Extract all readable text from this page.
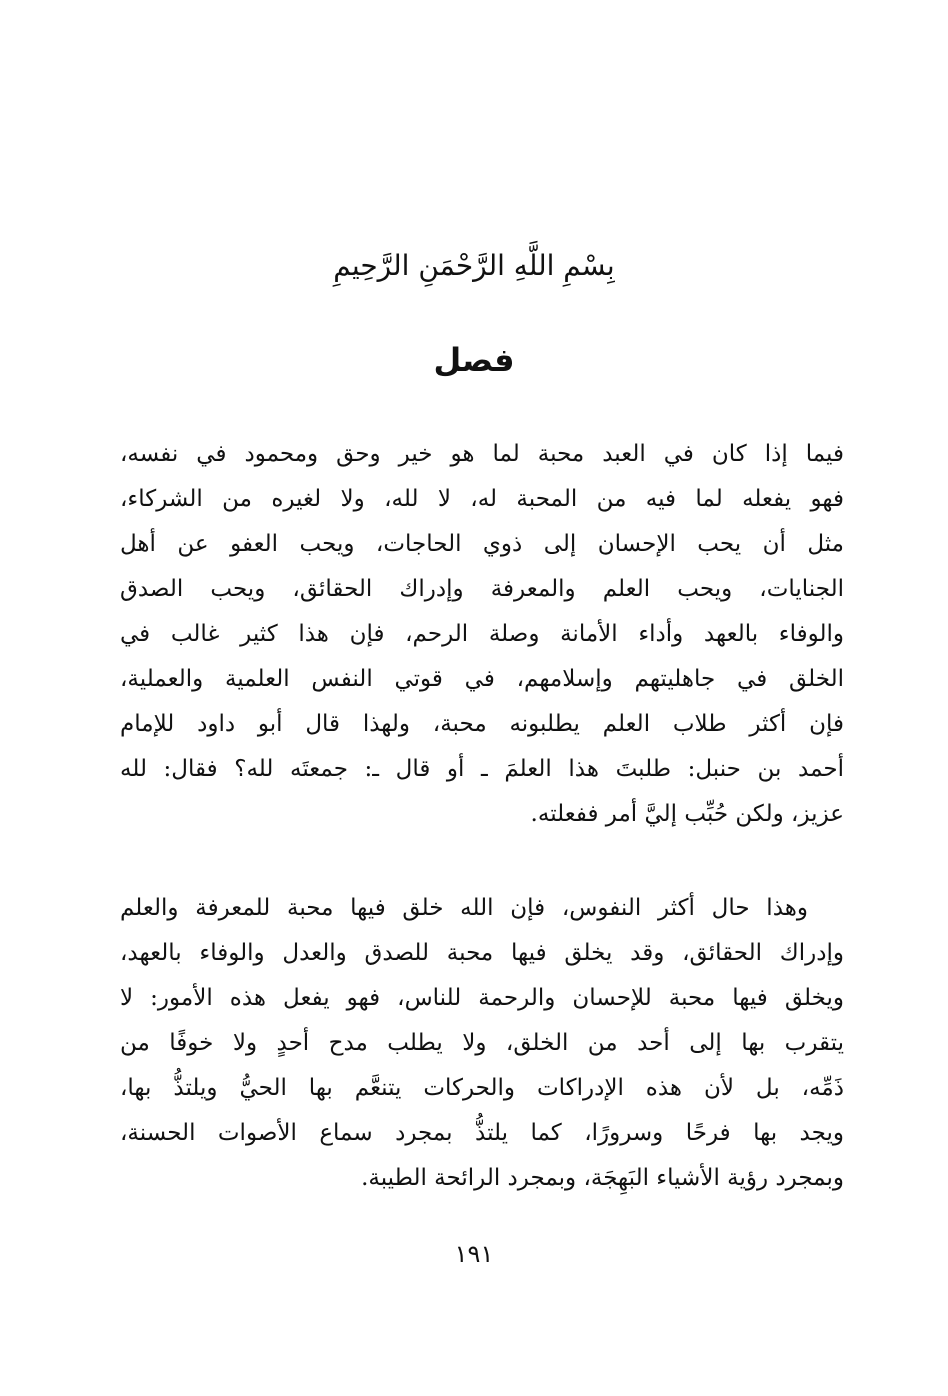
بِسْمِ اللَّهِ الرَّحْمَنِ الرَّحِيمِ
فصل
فيما إذا كان في العبد محبة لما هو خير وحق ومحمود في نفسه،
فهو يفعله لما فيه من المحبة له، لا لله، ولا لغيره من الشركاء،
مثل أن يحب الإحسان إلى ذوي الحاجات، ويحب العفو عن أهل
الجنايات، ويحب العلم والمعرفة وإدراك الحقائق، ويحب الصدق
والوفاء بالعهد وأداء الأمانة وصلة الرحم، فإن هذا كثير غالب في
الخلق في جاهليتهم وإسلامهم، في قوتي النفس العلمية والعملية،
فإن أكثر طلاب العلم يطلبونه محبة، ولهذا قال أبو داود للإمام
أحمد بن حنبل: طلبتَ هذا العلمَ ـ أو قال ـ: جمعتَه لله؟ فقال: لله
عزيز، ولكن حُبِّب إليَّ أمر ففعلته.
وهذا حال أكثر النفوس، فإن الله خلق فيها محبة للمعرفة والعلم
وإدراك الحقائق، وقد يخلق فيها محبة للصدق والعدل والوفاء بالعهد،
ويخلق فيها محبة للإحسان والرحمة للناس، فهو يفعل هذه الأمور: لا
يتقرب بها إلى أحد من الخلق، ولا يطلب مدح أحدٍ ولا خوفًا من
ذَمِّه، بل لأن هذه الإدراكات والحركات يتنعَّم بها الحيُّ ويلتذُّ بها،
ويجد بها فرحًا وسرورًا، كما يلتذُّ بمجرد سماع الأصوات الحسنة،
وبمجرد رؤية الأشياء البَهِجَة، وبمجرد الرائحة الطيبة.
١٩١
